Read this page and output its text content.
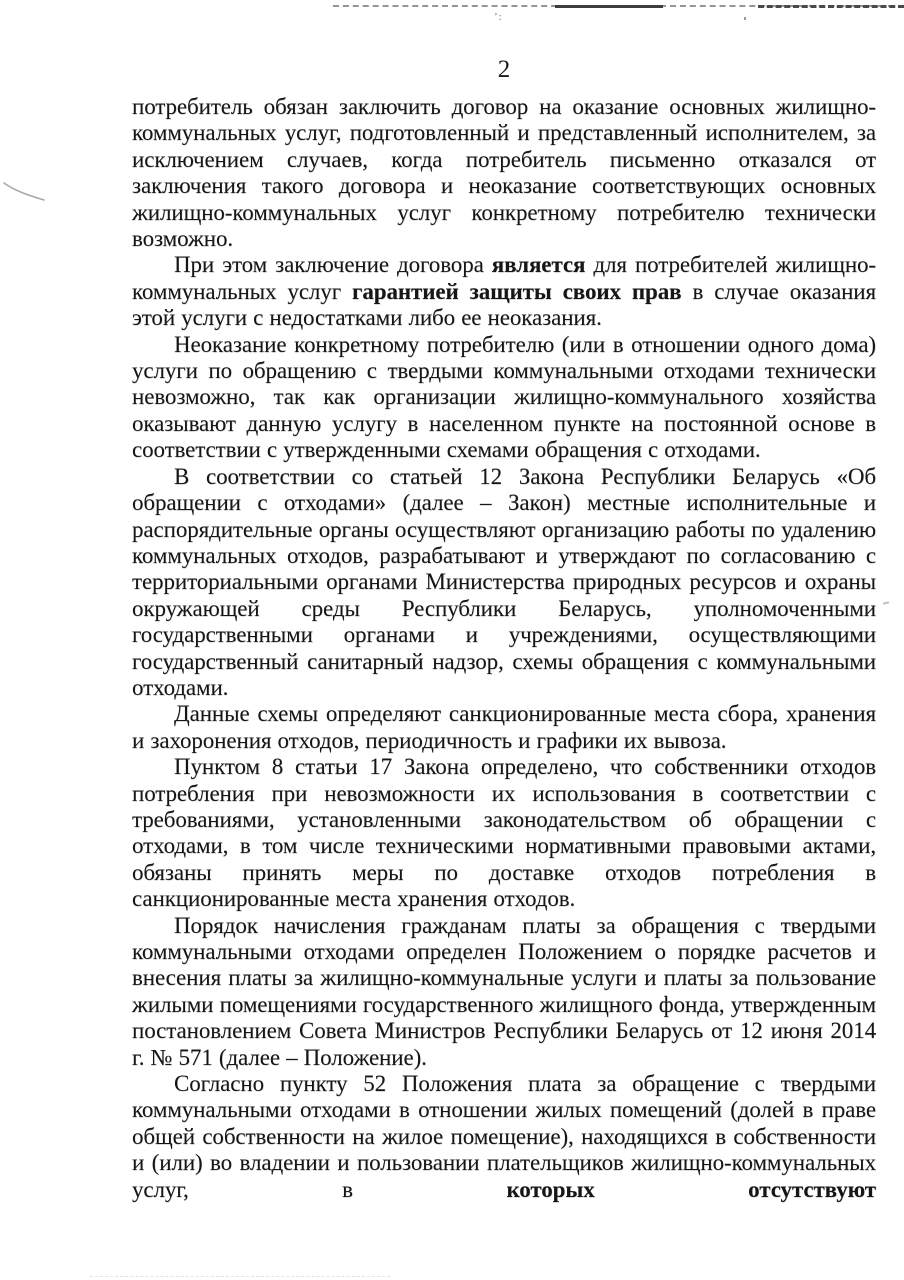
’:
2

потребитель обязан заключить договор на оказание основных жилищно-коммунальных услуг, подготовленный и представленный исполнителем, за исключением случаев, когда потребитель письменно отказался от заключения такого договора и неоказание соответствующих основных жилищно-коммунальных услуг конкретному потребителю технически возможно.

При этом заключение договора является для потребителей жилищно-коммунальных услуг гарантией защиты своих прав в случае оказания этой услуги с недостатками либо ее неоказания.

Неоказание конкретному потребителю (или в отношении одного дома) услуги по обращению с твердыми коммунальными отходами технически невозможно, так как организации жилищно-коммунального хозяйства оказывают данную услугу в населенном пункте на постоянной основе в соответствии с утвержденными схемами обращения с отходами.

В соответствии со статьей 12 Закона Республики Беларусь «Об обращении с отходами» (далее – Закон) местные исполнительные и распорядительные органы осуществляют организацию работы по удалению коммунальных отходов, разрабатывают и утверждают по согласованию с территориальными органами Министерства природных ресурсов и охраны окружающей среды Республики Беларусь, уполномоченными государственными органами и учреждениями, осуществляющими государственный санитарный надзор, схемы обращения с коммунальными отходами.

Данные схемы определяют санкционированные места сбора, хранения и захоронения отходов, периодичность и графики их вывоза.

Пунктом 8 статьи 17 Закона определено, что собственники отходов потребления при невозможности их использования в соответствии с требованиями, установленными законодательством об обращении с отходами, в том числе техническими нормативными правовыми актами, обязаны принять меры по доставке отходов потребления в санкционированные места хранения отходов.

Порядок начисления гражданам платы за обращения с твердыми коммунальными отходами определен Положением о порядке расчетов и внесения платы за жилищно-коммунальные услуги и платы за пользование жилыми помещениями государственного жилищного фонда, утвержденным постановлением Совета Министров Республики Беларусь от 12 июня 2014 г. № 571 (далее – Положение).

Согласно пункту 52 Положения плата за обращение с твердыми коммунальными отходами в отношении жилых помещений (долей в праве общей собственности на жилое помещение), находящихся в собственности и (или) во владении и пользовании плательщиков жилищно-коммунальных услуг, в которых отсутствуют
